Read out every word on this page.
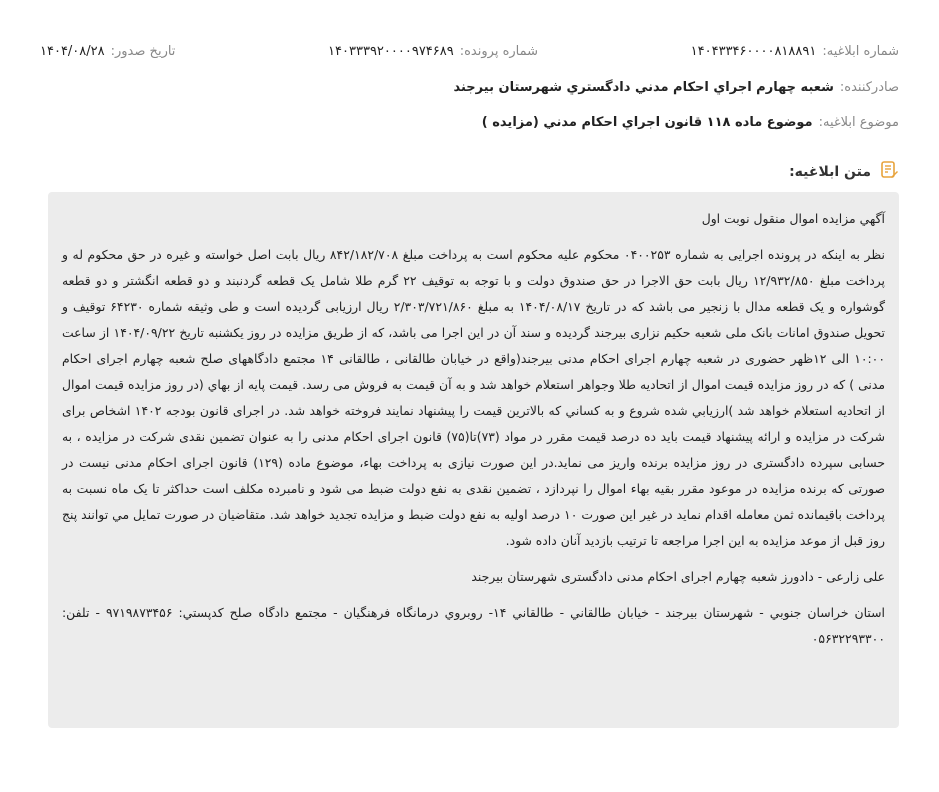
شماره ابلاغیه:
۱۴۰۴۳۳۴۶۰۰۰۰۸۱۸۸۹۱
شماره پرونده:
۱۴۰۳۳۳۹۲۰۰۰۰۹۷۴۶۸۹
تاریخ صدور:
۱۴۰۴/۰۸/۲۸
صادرکننده:
شعبه چهارم اجراي احكام مدني دادگستري شهرستان بيرجند
موضوع ابلاغیه:
موضوع ماده ۱۱۸ قانون اجراي احكام مدني (مزايده )
متن ابلاغیه:

آگهي مزايده اموال منقول نوبت اول

نظر به اینکه در پرونده اجرایی به شماره ۰۴۰۰۲۵۳ محکوم علیه محکوم است به پرداخت مبلغ ۸۴۲/۱۸۲/۷۰۸ ریال بابت اصل خواسته و غیره در حق محکوم له و پرداخت مبلغ ۱۲/۹۳۲/۸۵۰ ریال بابت حق الاجرا در حق صندوق دولت و با توجه به توقیف ۲۲ گرم طلا شامل یک قطعه گردنبند و دو قطعه انگشتر و دو قطعه گوشواره و یک قطعه مدال با زنجیر می باشد که در تاریخ ۱۴۰۴/۰۸/۱۷ به مبلغ ۲/۳۰۳/۷۲۱/۸۶۰ ریال ارزیابی گردیده است و طی وثیقه شماره ۶۴۲۳۰ توقیف و تحویل صندوق امانات بانک ملی شعبه حکیم نزاری بیرجند گردیده و سند آن در این اجرا می باشد، که از طریق مزایده در روز یکشنبه تاریخ ۱۴۰۴/۰۹/۲۲ از ساعت ۱۰:۰۰ الی ۱۲ظهر حضوری در شعبه چهارم اجرای احکام مدنی بیرجند(واقع در خیابان طالقانی ، طالقانی ۱۴ مجتمع دادگاههای صلح شعبه چهارم اجرای احکام مدنی ) که در روز مزایده قیمت اموال از اتحادیه طلا وجواهر استعلام خواهد شد و به آن قیمت به فروش می رسد. قيمت پايه از بهاي (در روز مزایده قیمت اموال از اتحادیه استعلام خواهد شد )ارزيابي شده شروع و به كساني كه بالاترين قيمت را پيشنهاد نمايند فروخته خواهد شد. در اجرای قانون بودجه ۱۴۰۲ اشخاص برای شرکت در مزایده و ارائه پیشنهاد قیمت باید ده درصد قیمت مقرر در مواد (۷۳)تا(۷۵) قانون اجرای احکام مدنی را به عنوان تضمین نقدی شرکت در مزایده ، به حسابی سپرده دادگستری در روز مزایده برنده واریز می نماید.در این صورت نیازی به پرداخت بهاء، موضوع ماده (۱۲۹) قانون اجرای احکام مدنی نیست در صورتی که برنده مزایده در موعود مقرر بقیه بهاء اموال را نپردازد ، تضمین نقدی به نفع دولت ضبط می شود و نامبرده مکلف است حداکثر تا یک ماه نسبت به پرداخت باقیمانده ثمن معامله اقدام نماید در غیر این صورت ۱۰ درصد اولیه به نفع دولت ضبط و مزایده تجدید خواهد شد. متقاضيان در صورت تمايل مي توانند پنج روز قبل از موعد مزايده به اين اجرا مراجعه تا ترتيب بازديد آنان داده شود.

علی زارعی - دادورز شعبه چهارم اجرای احکام مدنی دادگستری شهرستان بیرجند

استان خراسان جنوبي - شهرستان بيرجند - خيابان طالقاني - طالقاني ۱۴- روبروي درمانگاه فرهنگيان - مجتمع دادگاه صلح کدپستي: ۹۷۱۹۸۷۳۴۵۶ - تلفن: ۰۵۶۳۲۲۹۳۳۰۰
